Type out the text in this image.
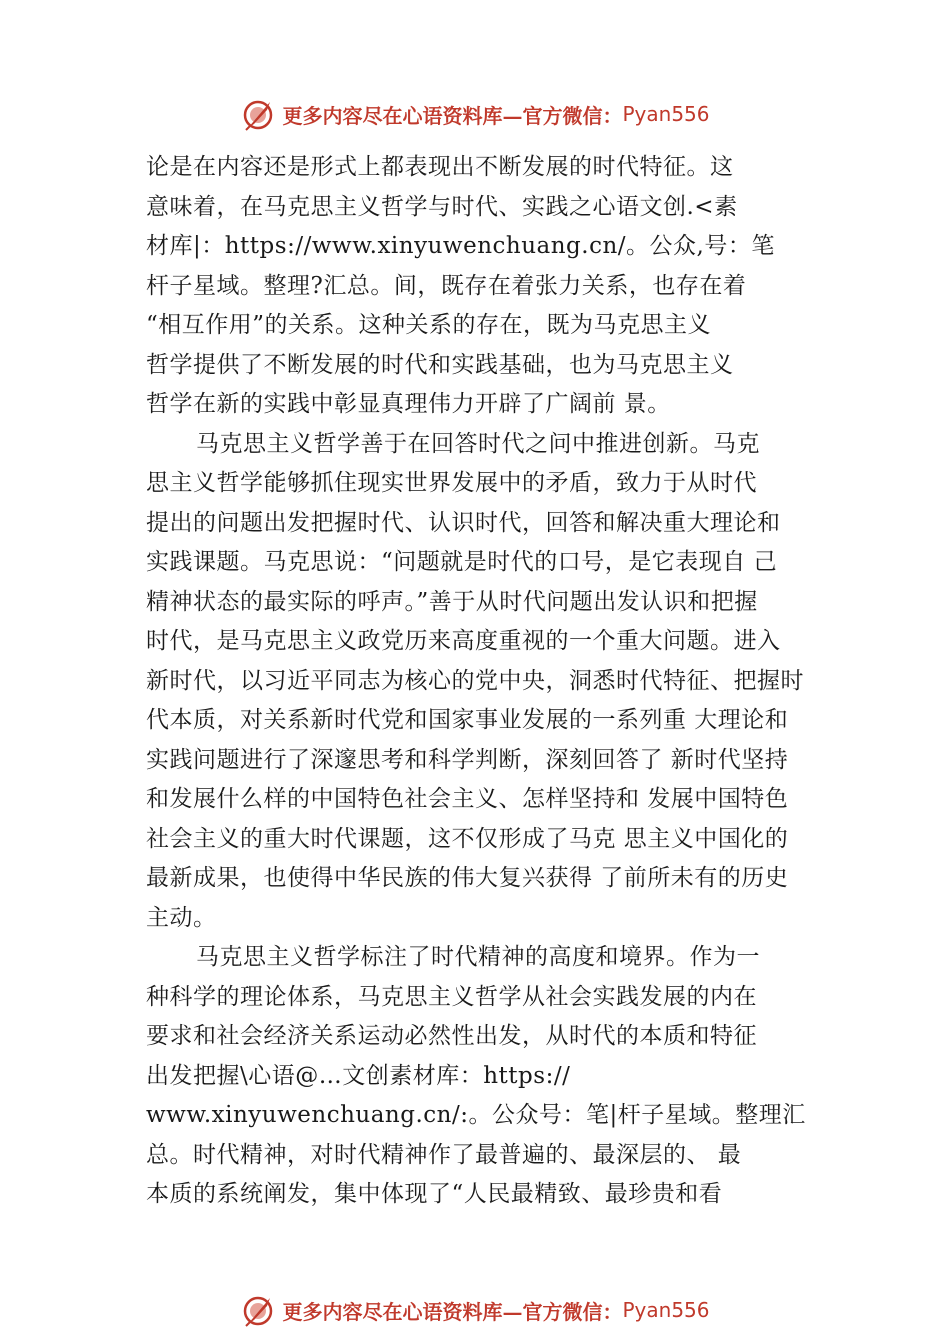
更多内容尽在心语资料库 —官方微信： Pyan556
论是在内容还是形式上都表现出不断发展的时代特征。这
意味着，在马克思主义哲学与时代、实践之心语文创.<素
材库|：https://www.xinyuwenchuang.cn/。公众,号：笔
杆子星域。整理?汇总。间，既存在着张力关系，也存在着
“相互作用”的关系。这种关系的存在，既为马克思主义
哲学提供了不断发展的时代和实践基础，也为马克思主义
哲学在新的实践中彰显真理伟力开辟了广阔前 景。
马克思主义哲学善于在回答时代之问中推进创新。马克
思主义哲学能够抓住现实世界发展中的矛盾，致力于从时代
提出的问题出发把握时代、认识时代，回答和解决重大理论和
实践课题。马克思说：“问题就是时代的口号，是它表现自 己
精神状态的最实际的呼声。”善于从时代问题出发认识和把握
时代，是马克思主义政党历来高度重视的一个重大问题。进入
新时代，以习近平同志为核心的党中央，洞悉时代特征、把握时
代本质，对关系新时代党和国家事业发展的一系列重 大理论和
实践问题进行了深邃思考和科学判断，深刻回答了 新时代坚持
和发展什么样的中国特色社会主义、怎样坚持和 发展中国特色
社会主义的重大时代课题，这不仅形成了马克 思主义中国化的
最新成果，也使得中华民族的伟大复兴获得 了前所未有的历史
主动。
马克思主义哲学标注了时代精神的高度和境界。作为一
种科学的理论体系，马克思主义哲学从社会实践发展的内在
要求和社会经济关系运动必然性出发，从时代的本质和特征
出发把握\心语@…文创素材库：https://
www.xinyuwenchuang.cn/:。公众号：笔|杆子星域。整理汇
总。时代精神，对时代精神作了最普遍的、最深层的、 最
本质的系统阐发，集中体现了“人民最精致、最珍贵和看
更多内容尽在心语资料库 —官方微信： Pyan556
